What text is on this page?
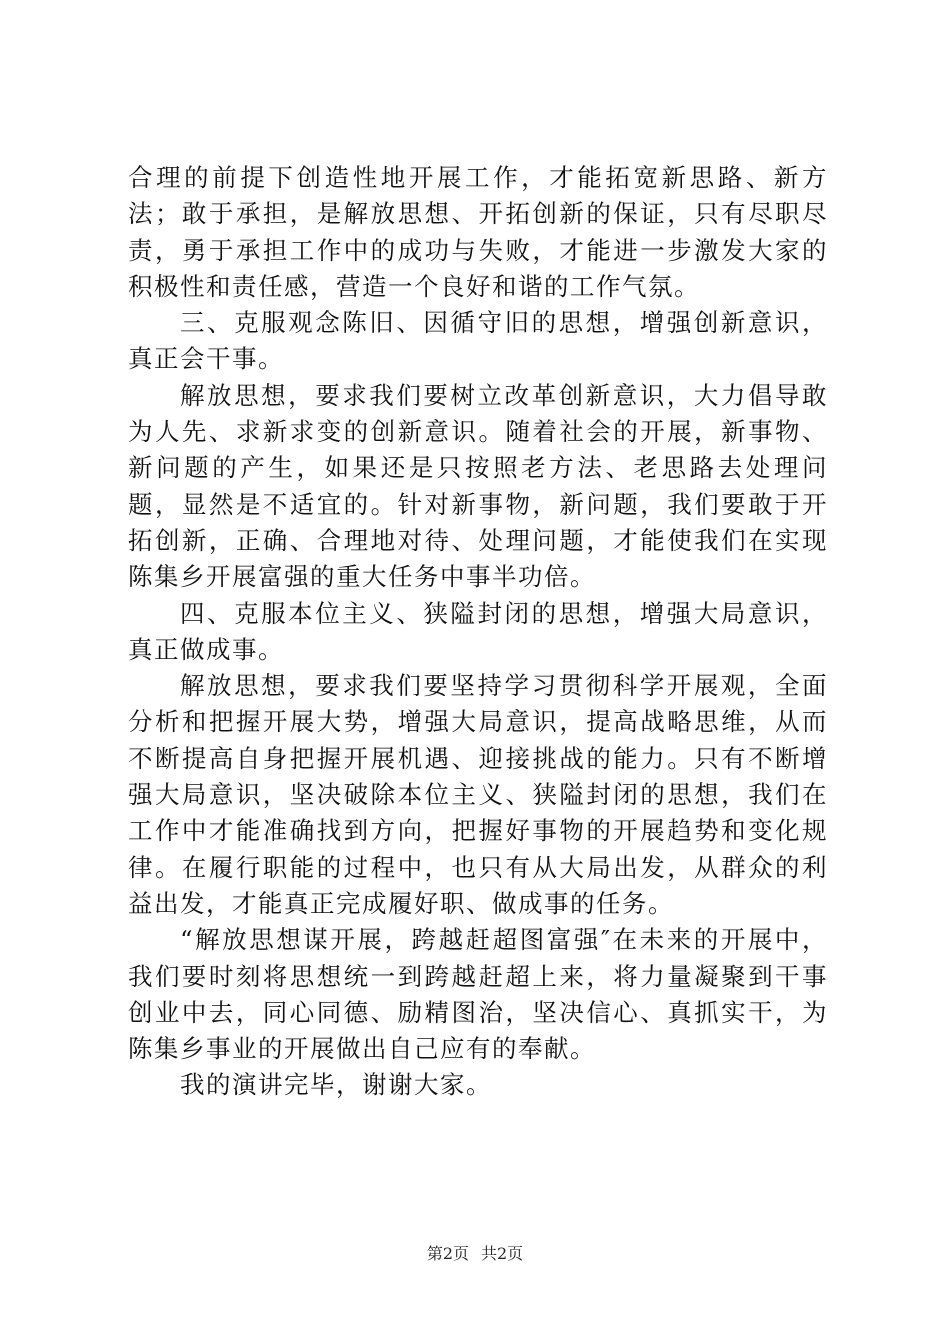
合理的前提下创造性地开展工作，才能拓宽新思路、新方法；敢于承担，是解放思想、开拓创新的保证，只有尽职尽责，勇于承担工作中的成功与失败，才能进一步激发大家的积极性和责任感，营造一个良好和谐的工作气氛。

三、克服观念陈旧、因循守旧的思想，增强创新意识，真正会干事。

解放思想，要求我们要树立改革创新意识，大力倡导敢为人先、求新求变的创新意识。随着社会的开展，新事物、新问题的产生，如果还是只按照老方法、老思路去处理问题，显然是不适宜的。针对新事物，新问题，我们要敢于开拓创新，正确、合理地对待、处理问题，才能使我们在实现陈集乡开展富强的重大任务中事半功倍。

四、克服本位主义、狭隘封闭的思想，增强大局意识，真正做成事。

解放思想，要求我们要坚持学习贯彻科学开展观，全面分析和把握开展大势，增强大局意识，提高战略思维，从而不断提高自身把握开展机遇、迎接挑战的能力。只有不断增强大局意识，坚决破除本位主义、狭隘封闭的思想，我们在工作中才能准确找到方向，把握好事物的开展趋势和变化规律。在履行职能的过程中，也只有从大局出发，从群众的利益出发，才能真正完成履好职、做成事的任务。

“解放思想谋开展，跨越赶超图富强″在未来的开展中，我们要时刻将思想统一到跨越赶超上来，将力量凝聚到干事创业中去，同心同德、励精图治，坚决信心、真抓实干，为陈集乡事业的开展做出自己应有的奉献。

我的演讲完毕，谢谢大家。

第2页 共2页
